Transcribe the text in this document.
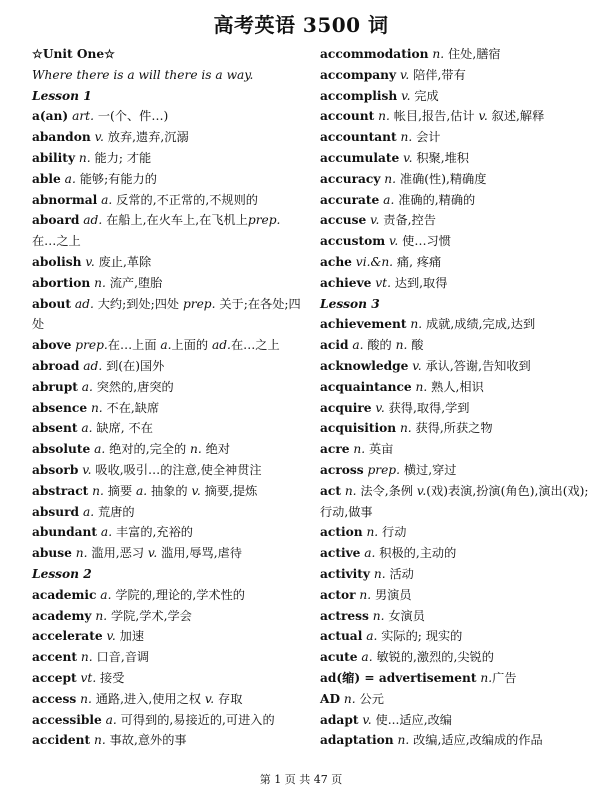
高考英语 3500 词
☆Unit One☆
Where there is a will there is a way.
Lesson 1
a(an) art. 一(个、件…)
abandon v. 放弃,遗弃,沉溺
ability n. 能力; 才能
able a. 能够;有能力的
abnormal a. 反常的,不正常的,不规则的
aboard ad. 在船上,在火车上,在飞机上prep. 在…之上
abolish v. 废止,革除
abortion n. 流产,堕胎
about ad. 大约;到处;四处 prep. 关于;在各处;四处
above prep.在…上面 a.上面的 ad.在…之上
abroad ad. 到(在)国外
abrupt a. 突然的,唐突的
absence n. 不在,缺席
absent a. 缺席, 不在
absolute a. 绝对的,完全的 n. 绝对
absorb v. 吸收,吸引…的注意,使全神贯注
abstract n. 摘要 a. 抽象的 v. 摘要,提炼
absurd a. 荒唐的
abundant a. 丰富的,充裕的
abuse n. 滥用,恶习 v. 滥用,辱骂,虐待
Lesson 2
academic a. 学院的,理论的,学术性的
academy n. 学院,学术,学会
accelerate v. 加速
accent n. 口音,音调
accept vt. 接受
access n. 通路,进入,使用之权 v. 存取
accessible a. 可得到的,易接近的,可进入的
accident n. 事故,意外的事
accommodation n. 住处,膳宿
accompany v. 陪伴,带有
accomplish v. 完成
account n. 帐目,报告,估计 v. 叙述,解释
accountant n. 会计
accumulate v. 积聚,堆积
accuracy n. 准确(性),精确度
accurate a. 准确的,精确的
accuse v. 责备,控告
accustom v. 使…习惯
ache vi.&n. 痛, 疼痛
achieve vt. 达到,取得
Lesson 3
achievement n. 成就,成绩,完成,达到
acid a. 酸的 n. 酸
acknowledge v. 承认,答谢,告知收到
acquaintance n. 熟人,相识
acquire v. 获得,取得,学到
acquisition n. 获得,所获之物
acre n. 英亩
across prep. 横过,穿过
act n. 法令,条例 v.(戏)表演,扮演(角色),演出(戏);行动,做事
action n. 行动
active a. 积极的,主动的
activity n. 活动
actor n. 男演员
actress n. 女演员
actual a. 实际的; 现实的
acute a. 敏锐的,激烈的,尖锐的
ad(缩) = advertisement n.广告
AD n. 公元
adapt v. 使...适应,改编
adaptation n. 改编,适应,改编成的作品
第 1 页 共 47 页
